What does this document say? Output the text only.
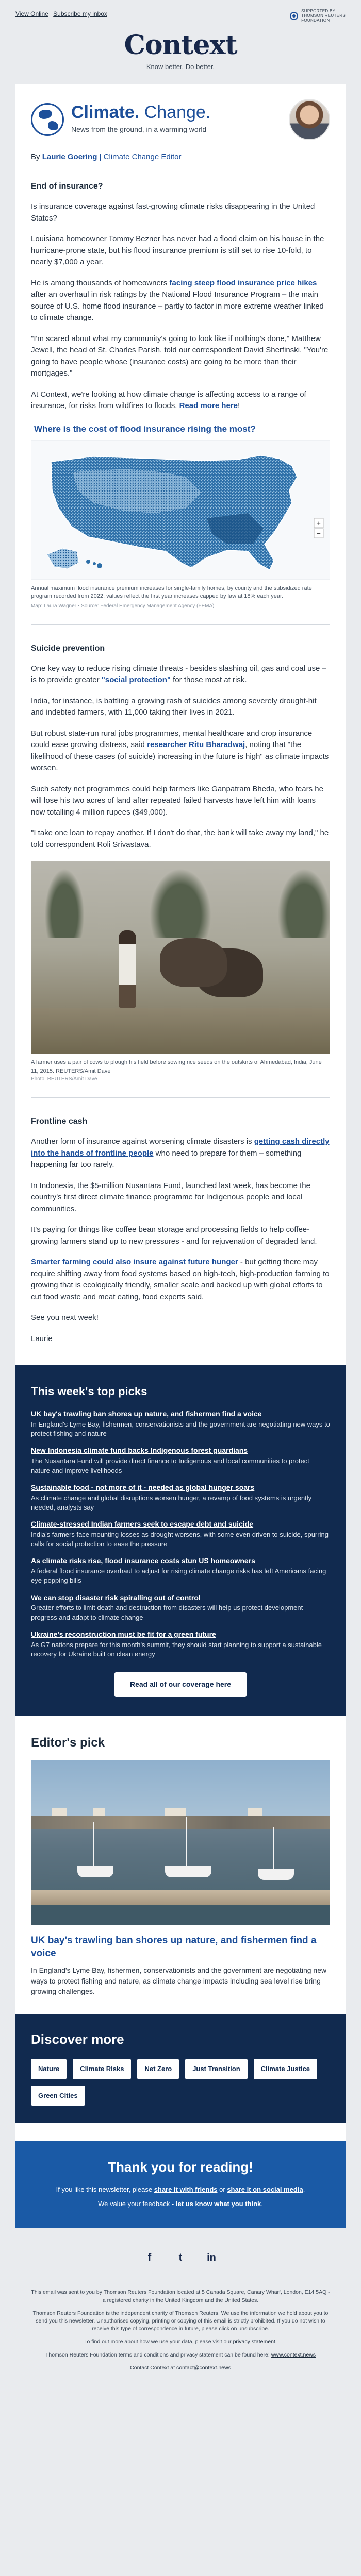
View Online Subscribe my inbox	SUPPORTED BY
THOMSON REUTERS
FOUNDATION
Context
Know better. Do better.
Climate. Change.
News from the ground, in a warming world
By Laurie Goering | Climate Change Editor
End of insurance?

Is insurance coverage against fast-growing climate risks disappearing in the United States?

Louisiana homeowner Tommy Bezner has never had a flood claim on his house in the hurricane-prone state, but his flood insurance premium is still set to rise 10-fold, to nearly $7,000 a year.

He is among thousands of homeowners facing steep flood insurance price hikes after an overhaul in risk ratings by the National Flood Insurance Program – the main source of U.S. home flood insurance – partly to factor in more extreme weather linked to climate change.

"I'm scared about what my community's going to look like if nothing's done," Matthew Jewell, the head of St. Charles Parish, told our correspondent David Sherfinski. "You're going to have people whose (insurance costs) are going to be more than their mortgages."

At Context, we're looking at how climate change is affecting access to a range of insurance, for risks from wildfires to floods. Read more here!

Where is the cost of flood insurance rising the most?
+
−
Annual maximum flood insurance premium increases for single-family homes, by county and the subsidized rate program recorded from 2022; values reflect the first year increases capped by law at 18% each year.
Map: Laura Wagner • Source: Federal Emergency Management Agency (FEMA)
Suicide prevention

One key way to reduce rising climate threats - besides slashing oil, gas and coal use – is to provide greater "social protection" for those most at risk.

India, for instance, is battling a growing rash of suicides among severely drought-hit and indebted farmers, with 11,000 taking their lives in 2021.

But robust state-run rural jobs programmes, mental healthcare and crop insurance could ease growing distress, said researcher Ritu Bharadwaj, noting that "the likelihood of these cases (of suicide) increasing in the future is high" as climate impacts worsen.

Such safety net programmes could help farmers like Ganpatram Bheda, who fears he will lose his two acres of land after repeated failed harvests have left him with loans now totalling 4 million rupees ($49,000).

"I take one loan to repay another. If I don't do that, the bank will take away my land," he told correspondent Roli Srivastava.

A farmer uses a pair of cows to plough his field before sowing rice seeds on the outskirts of Ahmedabad, India, June 11, 2015. REUTERS/Amit Dave
Photo: REUTERS/Amit Dave
Frontline cash

Another form of insurance against worsening climate disasters is getting cash directly into the hands of frontline people who need to prepare for them – something happening far too rarely.

In Indonesia, the $5-million Nusantara Fund, launched last week, has become the country's first direct climate finance programme for Indigenous people and local communities.

It's paying for things like coffee bean storage and processing fields to help coffee-growing farmers stand up to new pressures - and for rejuvenation of degraded land.

Smarter farming could also insure against future hunger - but getting there may require shifting away from food systems based on high-tech, high-production farming to growing that is ecologically friendly, smaller scale and backed up with global efforts to cut food waste and meat eating, food experts said.

See you next week!

Laurie

This week's top picks
UK bay's trawling ban shores up nature, and fishermen find a voice
In England's Lyme Bay, fishermen, conservationists and the government are negotiating new ways to protect fishing and nature
New Indonesia climate fund backs Indigenous forest guardians
The Nusantara Fund will provide direct finance to Indigenous and local communities to protect nature and improve livelihoods
Sustainable food - not more of it - needed as global hunger soars
As climate change and global disruptions worsen hunger, a revamp of food systems is urgently needed, analysts say
Climate-stressed Indian farmers seek to escape debt and suicide
India's farmers face mounting losses as drought worsens, with some even driven to suicide, spurring calls for social protection to ease the pressure
As climate risks rise, flood insurance costs stun US homeowners
A federal flood insurance overhaul to adjust for rising climate change risks has left Americans facing eye-popping bills
We can stop disaster risk spiralling out of control
Greater efforts to limit death and destruction from disasters will help us protect development progress and adapt to climate change
Ukraine's reconstruction must be fit for a green future
As G7 nations prepare for this month's summit, they should start planning to support a sustainable recovery for Ukraine built on clean energy
Read all of our coverage here
Editor's pick
UK bay's trawling ban shores up nature, and fishermen find a voice
In England's Lyme Bay, fishermen, conservationists and the government are negotiating new ways to protect fishing and nature, as climate change impacts including sea level rise bring growing challenges.
Discover more
Nature	Climate Risks	Net Zero	Just Transition	Climate Justice
Green Cities
Thank you for reading!

If you like this newsletter, please share it with friends or share it on social media.

We value your feedback - let us know what you think.

f	t	in

This email was sent to you by Thomson Reuters Foundation located at 5 Canada Square, Canary Wharf, London, E14 5AQ - a registered charity in the United Kingdom and the United States.

Thomson Reuters Foundation is the independent charity of Thomson Reuters. We use the information we hold about you to send you this newsletter. Unauthorised copying, printing or copying of this email is strictly prohibited. If you do not wish to receive this type of correspondence in future, please click on unsubscribe.

To find out more about how we use your data, please visit our privacy statement.

Thomson Reuters Foundation terms and conditions and privacy statement can be found here: www.context.news

Contact Context at contact@context.news
